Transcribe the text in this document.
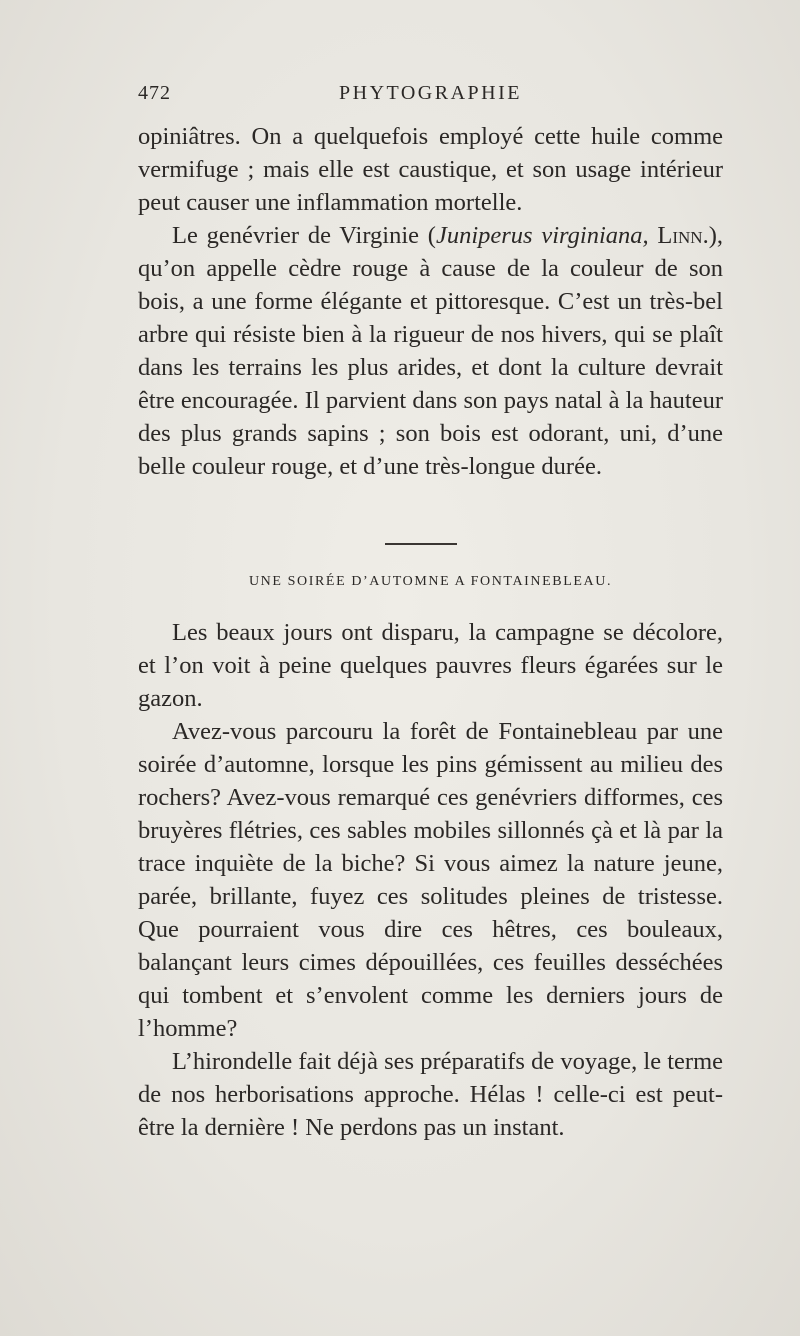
472	PHYTOGRAPHIE

opiniâtres. On a quelquefois employé cette huile comme vermifuge ; mais elle est caustique, et son usage intérieur peut causer une inflammation mortelle.

Le genévrier de Virginie (Juniperus virginiana, Linn.), qu’on appelle cèdre rouge à cause de la couleur de son bois, a une forme élégante et pittoresque. C’est un très-bel arbre qui résiste bien à la rigueur de nos hivers, qui se plaît dans les terrains les plus arides, et dont la culture devrait être encouragée. Il parvient dans son pays natal à la hauteur des plus grands sapins ; son bois est odorant, uni, d’une belle couleur rouge, et d’une très-longue durée.

UNE SOIRÉE D’AUTOMNE A FONTAINEBLEAU.

Les beaux jours ont disparu, la campagne se décolore, et l’on voit à peine quelques pauvres fleurs égarées sur le gazon.

Avez-vous parcouru la forêt de Fontainebleau par une soirée d’automne, lorsque les pins gémissent au milieu des rochers? Avez-vous remarqué ces genévriers difformes, ces bruyères flétries, ces sables mobiles sillonnés çà et là par la trace inquiète de la biche? Si vous aimez la nature jeune, parée, brillante, fuyez ces solitudes pleines de tristesse. Que pourraient vous dire ces hêtres, ces bouleaux, balançant leurs cimes dépouillées, ces feuilles desséchées qui tombent et s’envolent comme les derniers jours de l’homme?

L’hirondelle fait déjà ses préparatifs de voyage, le terme de nos herborisations approche. Hélas ! celle-ci est peut-être la dernière ! Ne perdons pas un instant.
